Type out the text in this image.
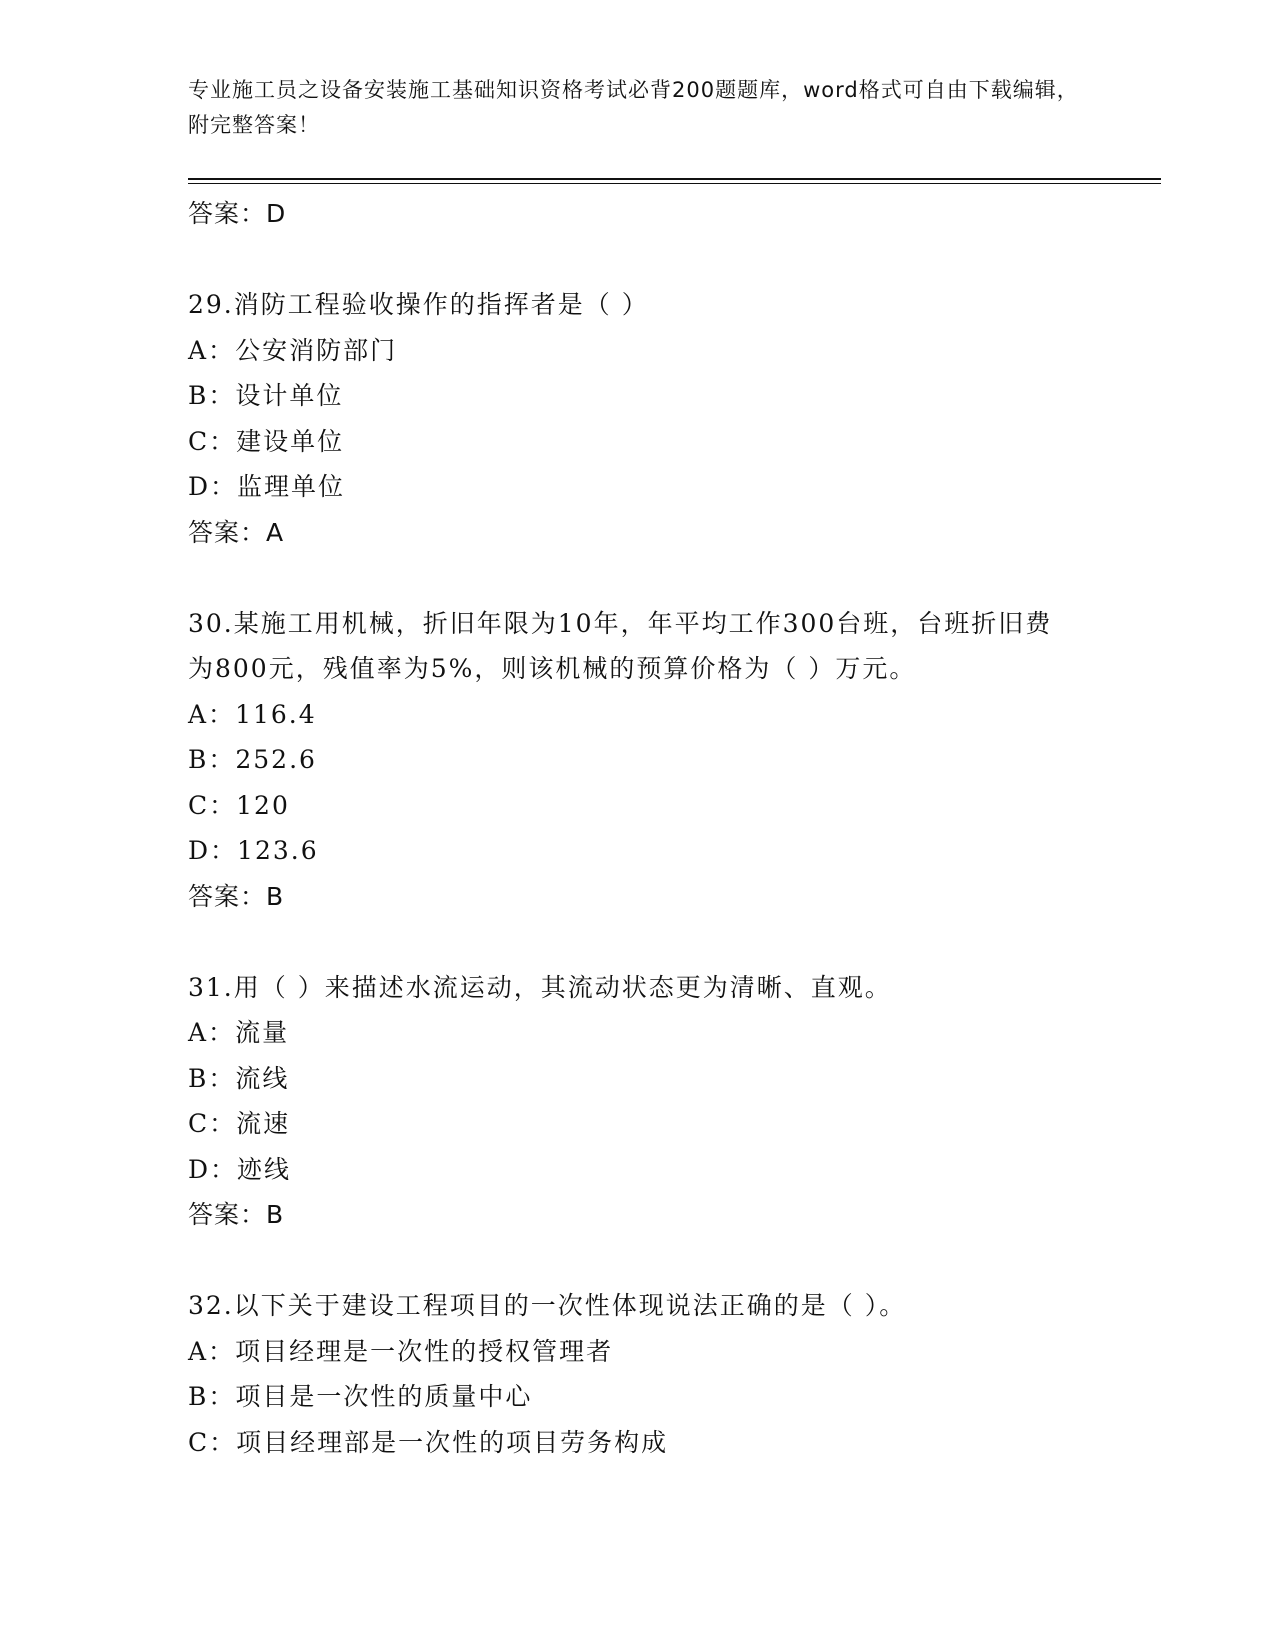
专业施工员之设备安装施工基础知识资格考试必背200题题库，word格式可自由下载编辑，附完整答案！
答案：D
29.消防工程验收操作的指挥者是（ ）
A：公安消防部门
B：设计单位
C：建设单位
D：监理单位
答案：A
30.某施工用机械，折旧年限为10年，年平均工作300台班，台班折旧费为800元，残值率为5%，则该机械的预算价格为（ ）万元。
A：116.4
B：252.6
C：120
D：123.6
答案：B
31.用（ ）来描述水流运动，其流动状态更为清晰、直观。
A：流量
B：流线
C：流速
D：迹线
答案：B
32.以下关于建设工程项目的一次性体现说法正确的是（ ）。
A：项目经理是一次性的授权管理者
B：项目是一次性的质量中心
C：项目经理部是一次性的项目劳务构成
